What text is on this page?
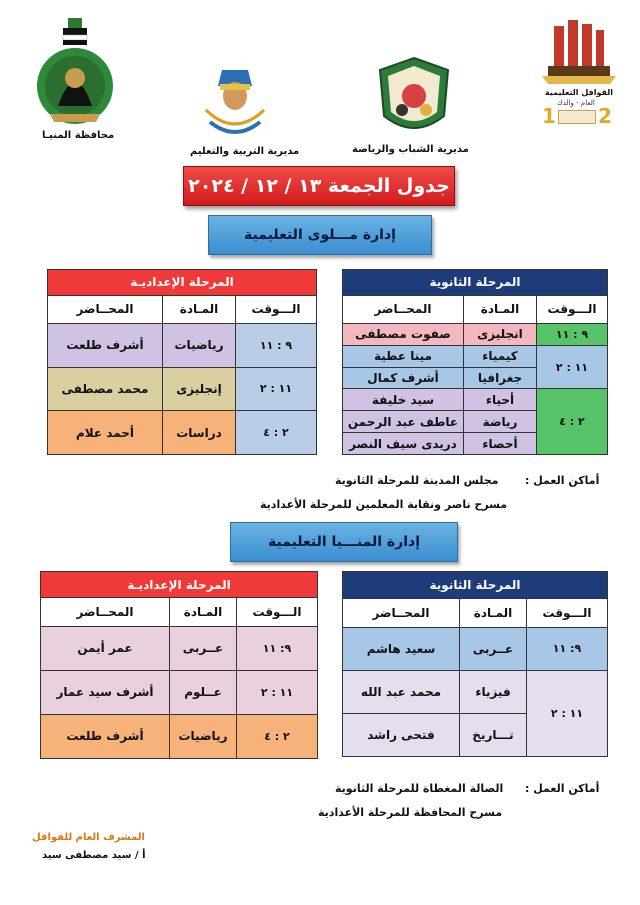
محافظة المنيـا
مديرية التربية والتعليم	مديرية الشباب والرياضة
القوافل التعليمية
العام - والدك
1 2
جدول الجمعة ١٣ / ١٢ / ٢٠٢٤
إدارة مـــلوى التعليمية
المرحلة الإعداديـة		
الـــوقت	المـادة	المحــاضر
٩ : ١١	رياضيات	أشرف طلعت
١١ : ٢	إنجليزى	محمد مصطفى
٢ : ٤	دراسات	أحمد علام
المرحلة الثانوية		
الـــوقت	المـادة	المحــاضر
٩ : ١١	انجليزى	صفوت مصطفى
١١ : ٢	كيمياء	مينا عطية
	جغرافيا	أشرف كمال
٢ : ٤	أحياء	سيد خليفة
	رياضة	عاطف عبد الرحمن
	أحصاء	دريدى سيف النصر
أماكن العمل :
مجلس المدينة للمرحلة الثانوية
مسرح ناصر ونقابة المعلمين للمرحلة الأعدادية
إدارة المنـــيا التعليمية
المرحلة الإعداديـة		
الـــوقت	المـادة	المحــاضر
٩: ١١	عــربى	عمر أيمن
١١ : ٢	عــلوم	أشرف سيد عمار
٢ : ٤	رياضيات	أشرف طلعت
المرحلة الثانوية		
الـــوقت	المـادة	المحــاضر
٩: ١١	عــربى	سعيد هاشم
١١ : ٢	فيزياء	محمد عبد الله
	تـــاريخ	فتحى راشد
أماكن العمل :
الصالة المغطاة للمرحلة الثانوية
مسرح المحافظة للمرحلة الأعدادية
المشرف العام للقوافل
أ / سيد مصطفى سيد
